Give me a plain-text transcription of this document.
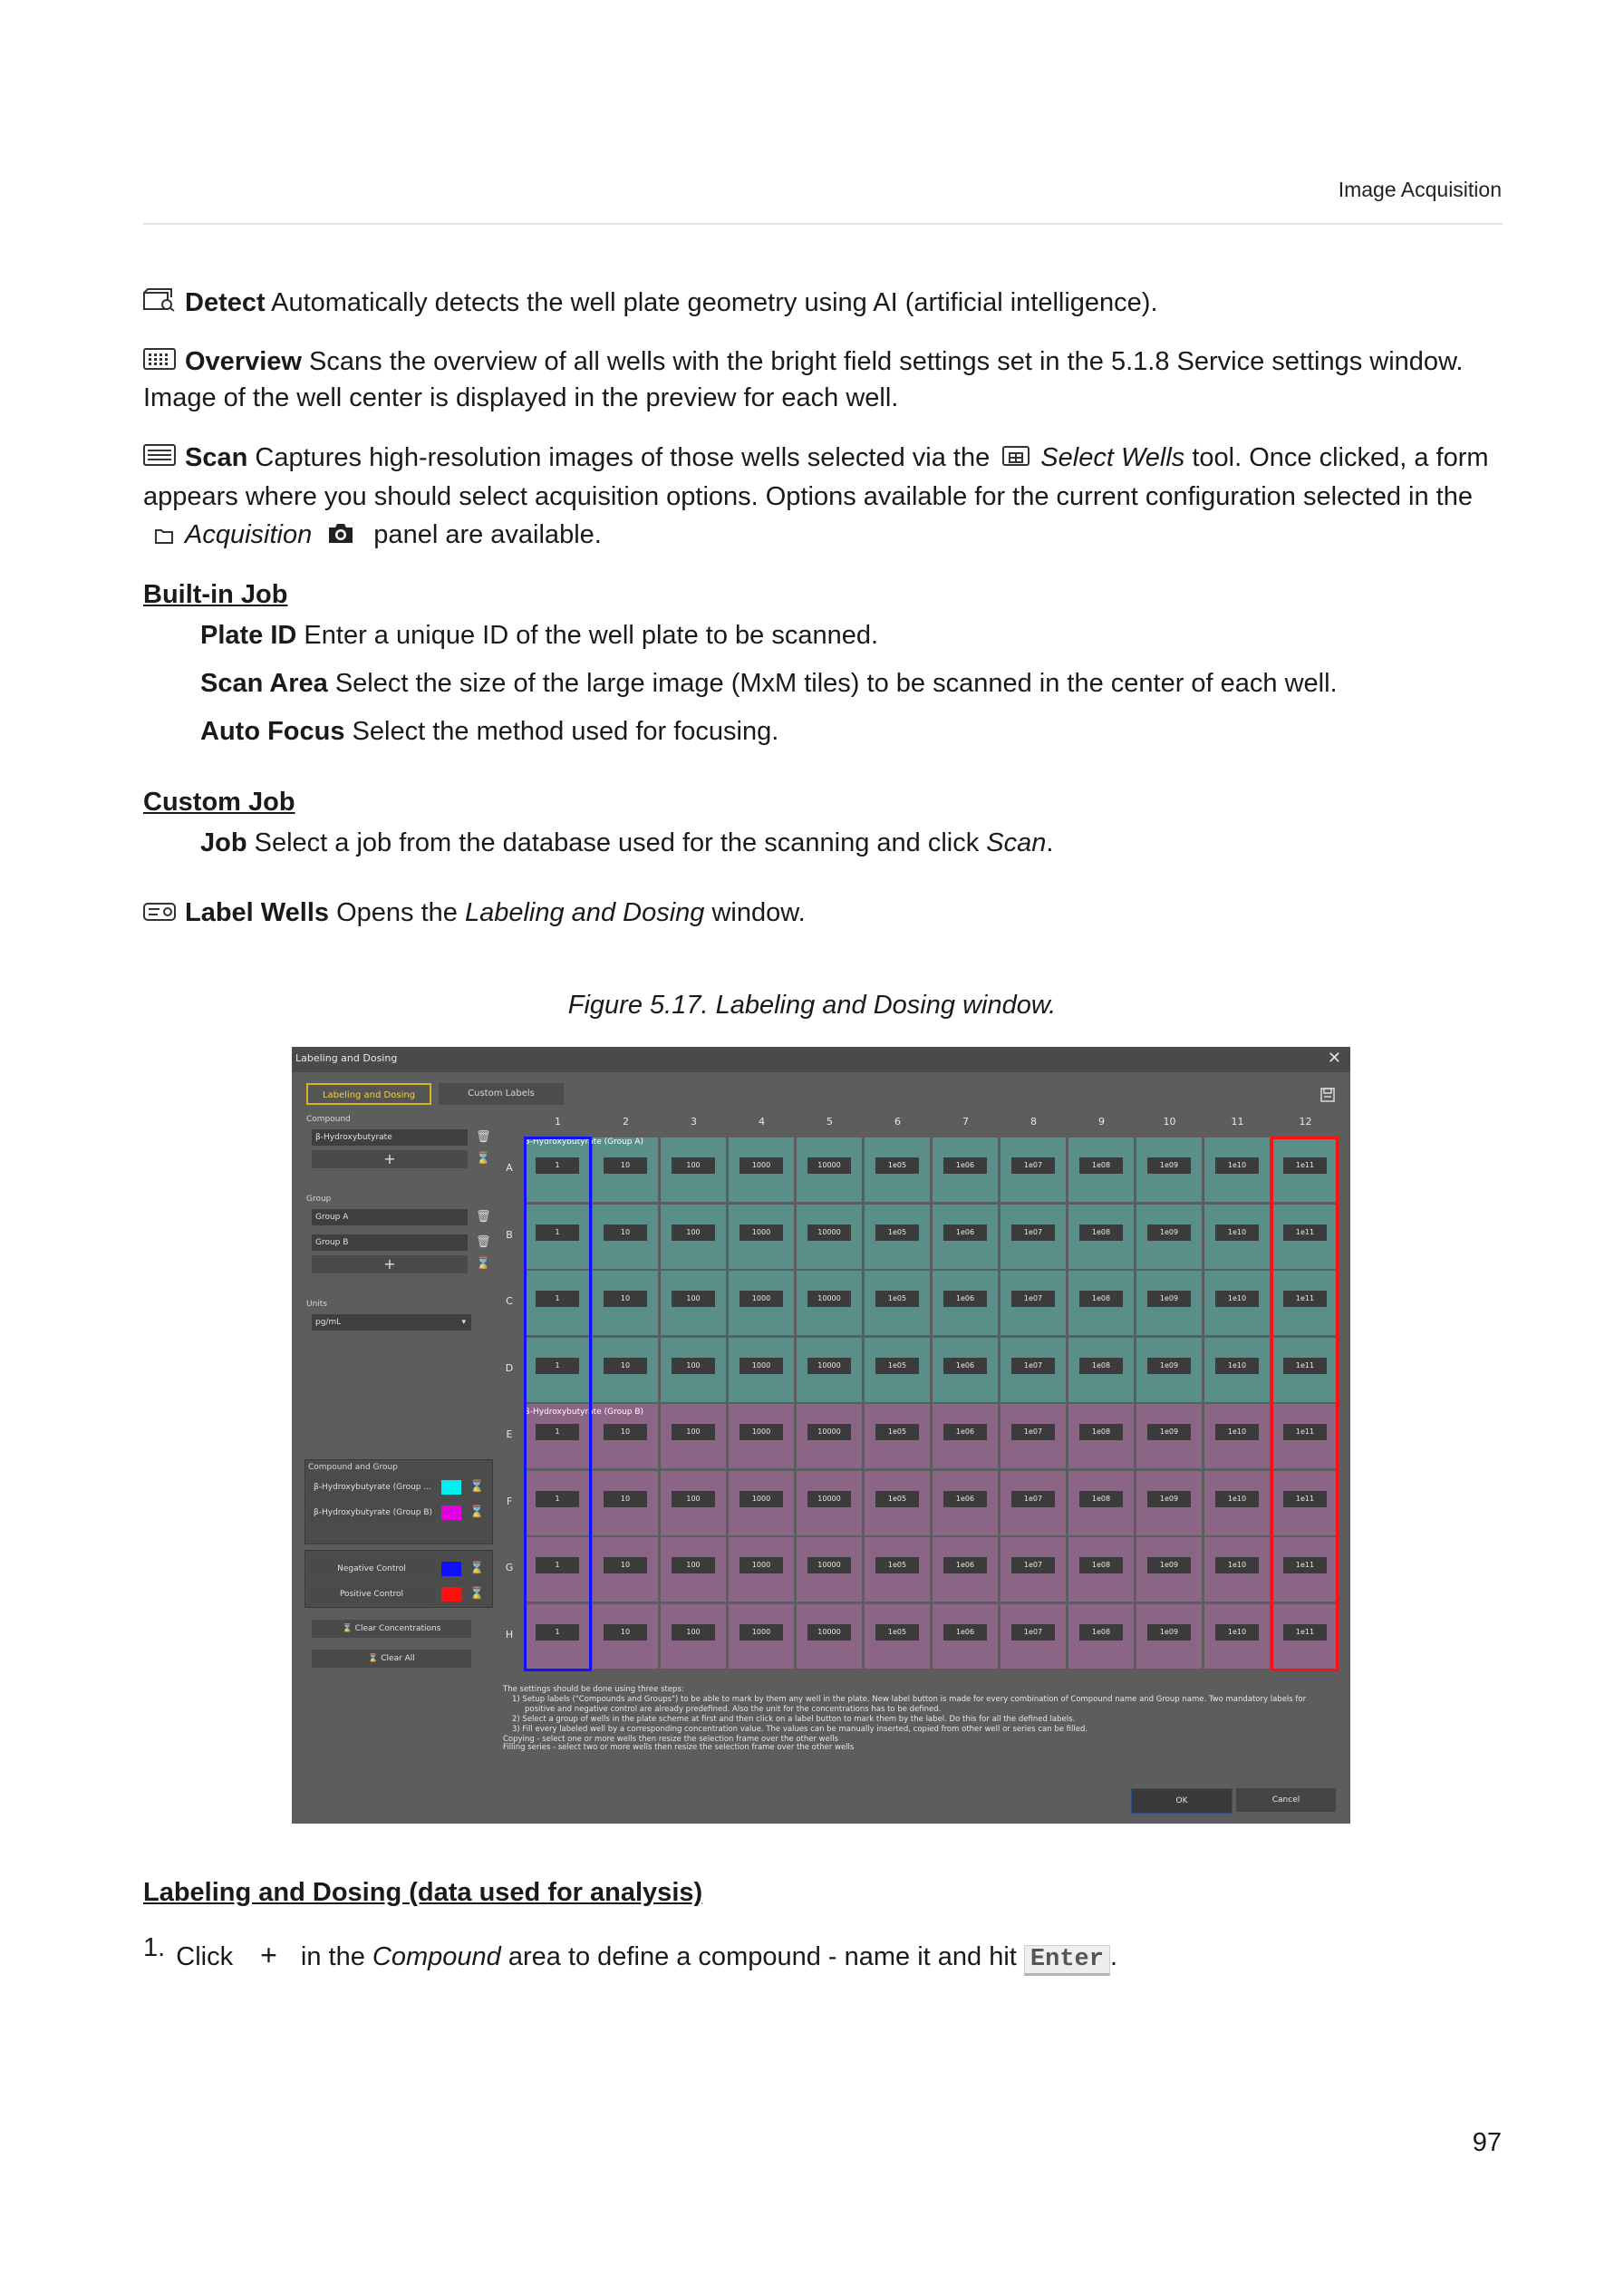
Image Acquisition
Detect Automatically detects the well plate geometry using AI (artificial intelligence).
Overview Scans the overview of all wells with the bright field settings set in the 5.1.8 Service settings window. Image of the well center is displayed in the preview for each well.
Scan Captures high-resolution images of those wells selected via the Select Wells tool. Once clicked, a form appears where you should select acquisition options. Options available for the current configuration selected in the Acquisition panel are available.
Built-in Job
Plate ID Enter a unique ID of the well plate to be scanned.
Scan Area Select the size of the large image (MxM tiles) to be scanned in the center of each well.
Auto Focus Select the method used for focusing.
Custom Job
Job Select a job from the database used for the scanning and click Scan.
Label Wells Opens the Labeling and Dosing window.
Figure 5.17. Labeling and Dosing window.
Labeling and Dosing	✕
Labeling and Dosing	Custom Labels
Compound
β-Hydroxybutyrate	🗑
+	⌛
Group
Group A	🗑
Group B	🗑
+	⌛
Units
pg/mL	▾
Compound and Group
β-Hydroxybutyrate (Group ...	⌛
β-Hydroxybutyrate (Group B)	⌛
Negative Control	⌛
Positive Control	⌛
⌛ Clear Concentrations
⌛ Clear All
1	2	3	4	5	6	7	8	9	10	11	12
A	1	10	100	1000	10000	1e05	1e06	1e07	1e08	1e09	1e10	1e11
B	1	10	100	1000	10000	1e05	1e06	1e07	1e08	1e09	1e10	1e11
C	1	10	100	1000	10000	1e05	1e06	1e07	1e08	1e09	1e10	1e11
D	1	10	100	1000	10000	1e05	1e06	1e07	1e08	1e09	1e10	1e11
E	1	10	100	1000	10000	1e05	1e06	1e07	1e08	1e09	1e10	1e11
F	1	10	100	1000	10000	1e05	1e06	1e07	1e08	1e09	1e10	1e11
G	1	10	100	1000	10000	1e05	1e06	1e07	1e08	1e09	1e10	1e11
H	1	10	100	1000	10000	1e05	1e06	1e07	1e08	1e09	1e10	1e11
β-Hydroxybutyrate (Group A)
β-Hydroxybutyrate (Group B)
The settings should be done using three steps:
1) Setup labels ("Compounds and Groups") to be able to mark by them any well in the plate. New label button is made for every combination of Compound name and Group name. Two mandatory labels for
positive and negative control are already predefined. Also the unit for the concentrations has to be defined.
2) Select a group of wells in the plate scheme at first and then click on a label button to mark them by the label. Do this for all the defined labels.
3) Fill every labeled well by a corresponding concentration value. The values can be manually inserted, copied from other well or series can be filled.
Copying - select one or more wells then resize the selection frame over the other wells
Filling series - select two or more wells then resize the selection frame over the other wells
OK	Cancel
Labeling and Dosing (data used for analysis)
1. Click + in the Compound area to define a compound - name it and hit Enter .
97
